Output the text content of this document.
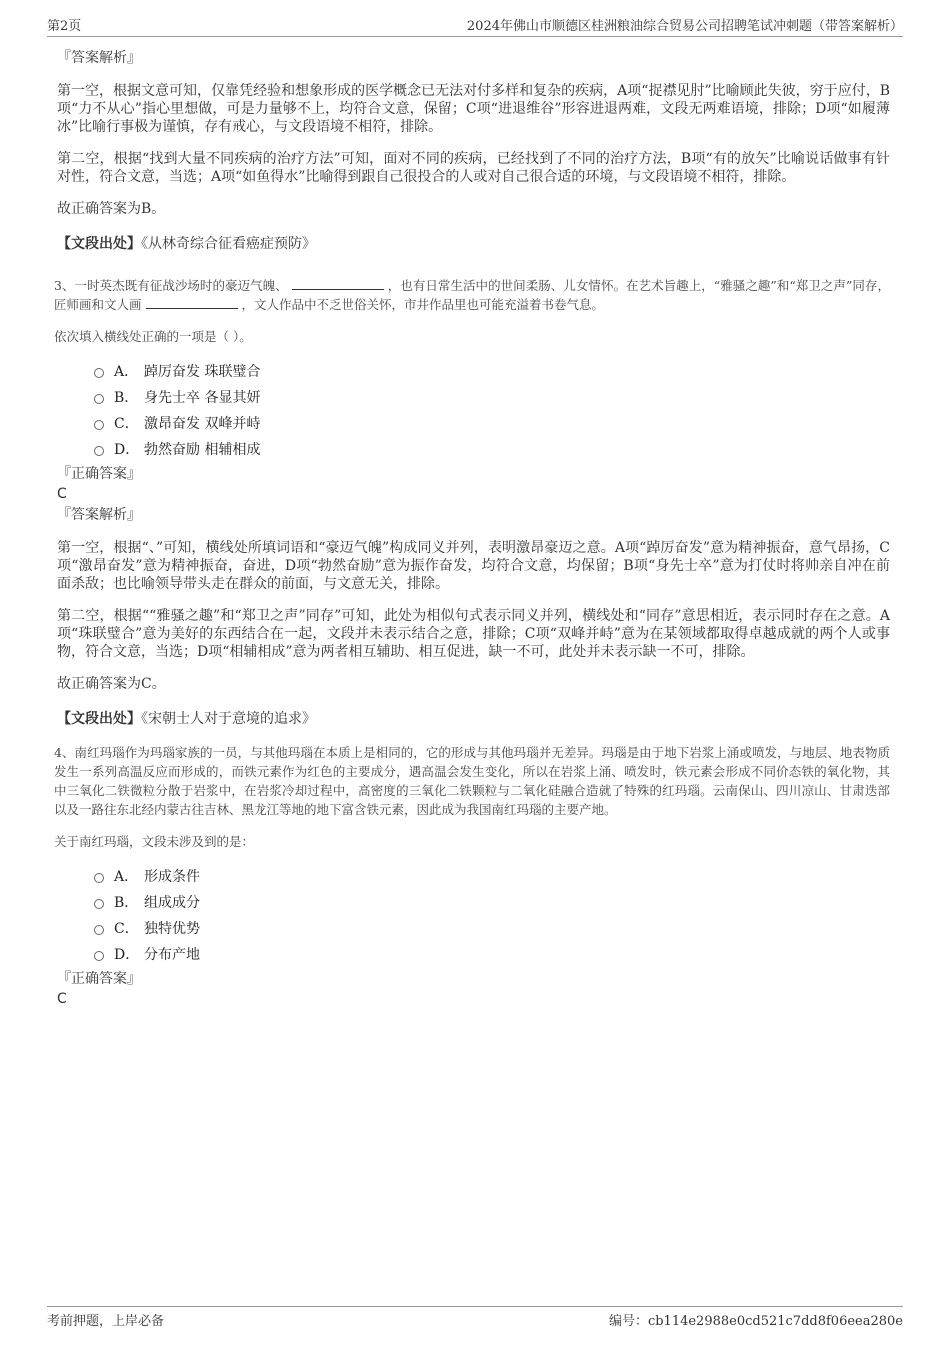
第2页	2024年佛山市顺德区桂洲粮油综合贸易公司招聘笔试冲刺题（带答案解析）

『答案解析』

第一空，根据文意可知，仅靠凭经验和想象形成的医学概念已无法对付多样和复杂的疾病，A项“捉襟见肘”比喻顾此失彼，穷于应付，B项“力不从心”指心里想做，可是力量够不上，均符合文意，保留；C项“进退维谷”形容进退两难，文段无两难语境，排除；D项“如履薄冰”比喻行事极为谨慎，存有戒心，与文段语境不相符，排除。

第二空，根据“找到大量不同疾病的治疗方法”可知，面对不同的疾病，已经找到了不同的治疗方法，B项“有的放矢”比喻说话做事有针对性，符合文意，当选；A项“如鱼得水”比喻得到跟自己很投合的人或对自己很合适的环境，与文段语境不相符，排除。

故正确答案为B。

【文段出处】《从林奇综合征看癌症预防》

3、一时英杰既有征战沙场时的豪迈气魄、	，也有日常生活中的世间柔肠、儿女情怀。在艺术旨趣上，“雅骚之趣”和“郑卫之声”同存，匠师画和文人画	，文人作品中不乏世俗关怀，市井作品里也可能充溢着书卷气息。

依次填入横线处正确的一项是（ ）。

A． 踔厉奋发 珠联璧合
B． 身先士卒 各显其妍
C． 激昂奋发 双峰并峙
D． 勃然奋励 相辅相成

『正确答案』

C

『答案解析』

第一空，根据“、”可知，横线处所填词语和“豪迈气魄”构成同义并列，表明激昂豪迈之意。A项“踔厉奋发”意为精神振奋，意气昂扬，C项“激昂奋发”意为精神振奋，奋进，D项“勃然奋励”意为振作奋发，均符合文意，均保留；B项“身先士卒”意为打仗时将帅亲自冲在前面杀敌；也比喻领导带头走在群众的前面，与文意无关，排除。

第二空，根据““雅骚之趣”和“郑卫之声”同存”可知，此处为相似句式表示同义并列，横线处和“同存”意思相近，表示同时存在之意。A项“珠联璧合”意为美好的东西结合在一起，文段并未表示结合之意，排除；C项“双峰并峙”意为在某领域都取得卓越成就的两个人或事物，符合文意，当选；D项“相辅相成”意为两者相互辅助、相互促进，缺一不可，此处并未表示缺一不可，排除。

故正确答案为C。

【文段出处】《宋朝士人对于意境的追求》

4、南红玛瑙作为玛瑙家族的一员，与其他玛瑙在本质上是相同的，它的形成与其他玛瑙并无差异。玛瑙是由于地下岩浆上涌或喷发，与地层、地表物质发生一系列高温反应而形成的，而铁元素作为红色的主要成分，遇高温会发生变化，所以在岩浆上涌、喷发时，铁元素会形成不同价态铁的氧化物，其中三氧化二铁微粒分散于岩浆中，在岩浆冷却过程中，高密度的三氧化二铁颗粒与二氧化硅融合造就了特殊的红玛瑙。云南保山、四川凉山、甘肃迭部以及一路往东北经内蒙古往吉林、黑龙江等地的地下富含铁元素，因此成为我国南红玛瑙的主要产地。

关于南红玛瑙，文段未涉及到的是：

A． 形成条件
B． 组成成分
C． 独特优势
D． 分布产地

『正确答案』

C

考前押题，上岸必备	编号：cb114e2988e0cd521c7dd8f06eea280e
